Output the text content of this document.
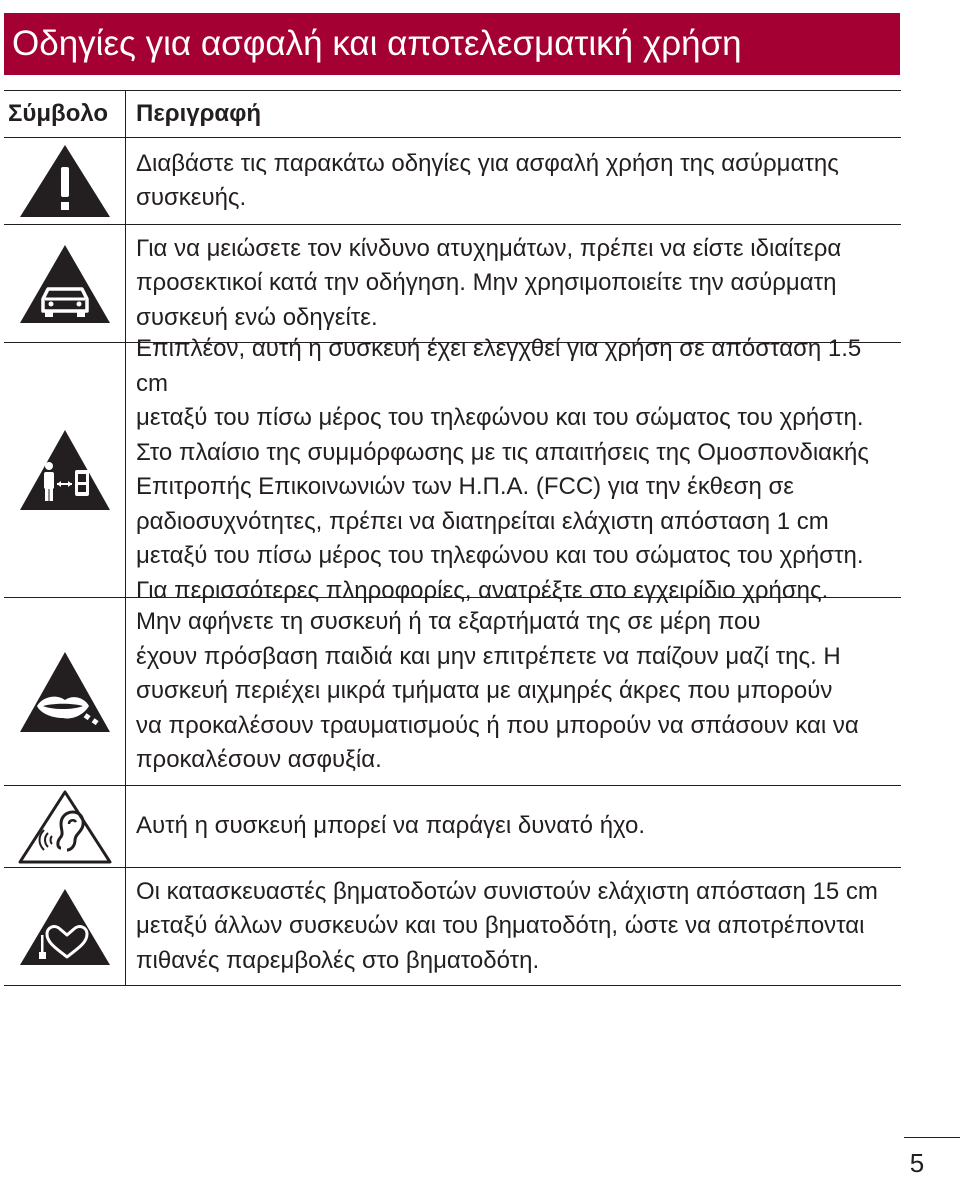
Οδηγίες για ασφαλή και αποτελεσματική χρήση
Σύμβολο	Περιγραφή

Διαβάστε τις παρακάτω οδηγίες για ασφαλή χρήση της ασύρματης

συσκευής.

Για να μειώσετε τον κίνδυνο ατυχημάτων, πρέπει να είστε ιδιαίτερα

προσεκτικοί κατά την οδήγηση. Μην χρησιμοποιείτε την ασύρματη

συσκευή ενώ οδηγείτε.

Επιπλέον, αυτή η συσκευή έχει ελεγχθεί για χρήση σε απόσταση 1.5 cm

μεταξύ του πίσω μέρος του τηλεφώνου και του σώματος του χρήστη.

Στο πλαίσιο της συμμόρφωσης με τις απαιτήσεις της Ομοσπονδιακής

Επιτροπής Επικοινωνιών των Η.Π.Α. (FCC) για την έκθεση σε

ραδιοσυχνότητες, πρέπει να διατηρείται ελάχιστη απόσταση 1 cm

μεταξύ του πίσω μέρος του τηλεφώνου και του σώματος του χρήστη.

Για περισσότερες πληροφορίες, ανατρέξτε στο εγχειρίδιο χρήσης.

Μην αφήνετε τη συσκευή ή τα εξαρτήματά της σε μέρη που

έχουν πρόσβαση παιδιά και μην επιτρέπετε να παίζουν μαζί της. Η

συσκευή περιέχει μικρά τμήματα με αιχμηρές άκρες που μπορούν

να προκαλέσουν τραυματισμούς ή που μπορούν να σπάσουν και να

προκαλέσουν ασφυξία.

Αυτή η συσκευή μπορεί να παράγει δυνατό ήχο.

Οι κατασκευαστές βηματοδοτών συνιστούν ελάχιστη απόσταση 15 cm

μεταξύ άλλων συσκευών και του βηματοδότη, ώστε να αποτρέπονται

πιθανές παρεμβολές στο βηματοδότη.

5
